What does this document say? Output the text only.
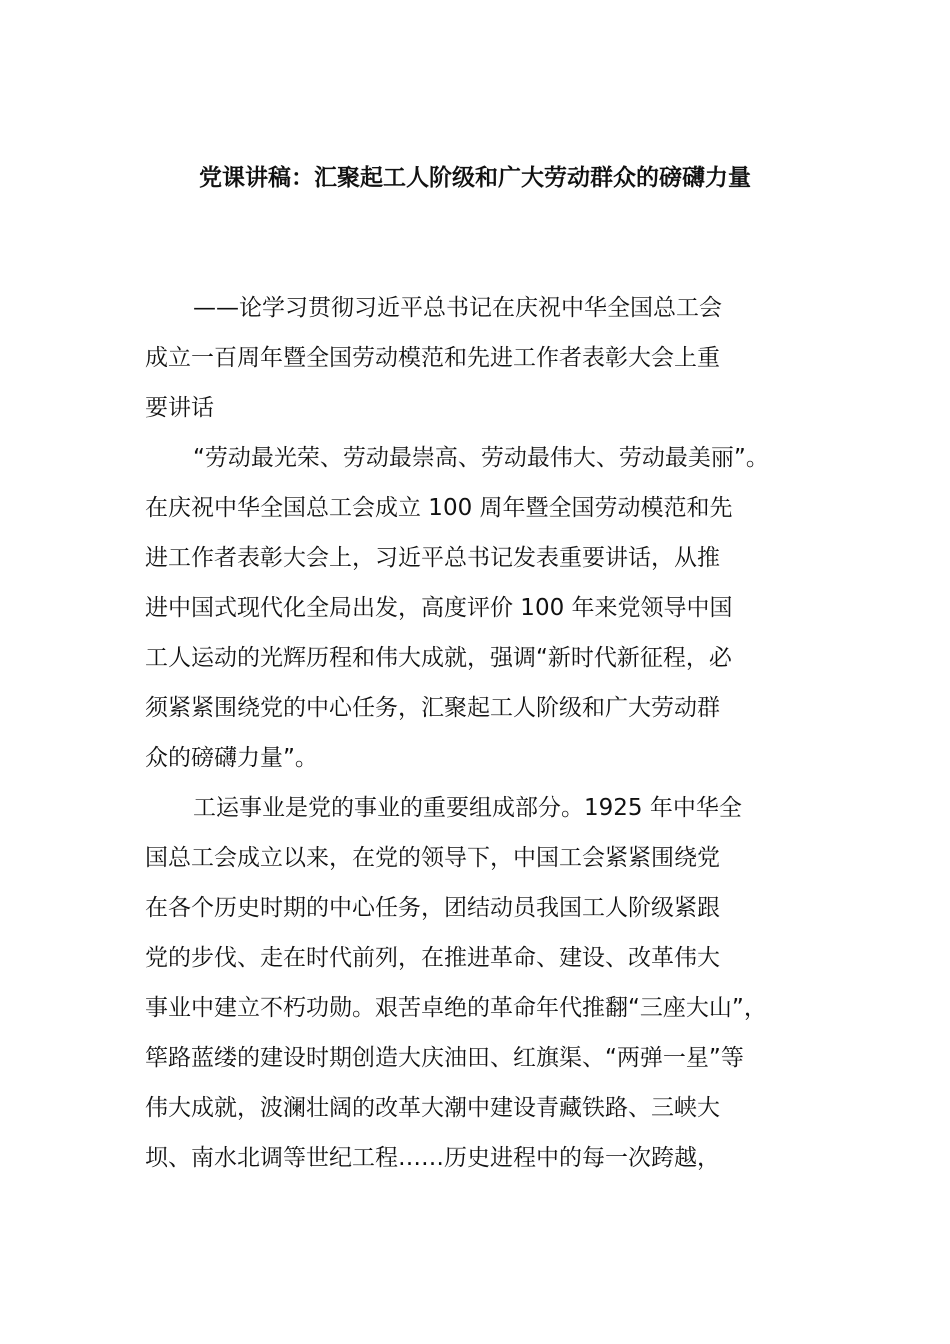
党课讲稿：汇聚起工人阶级和广大劳动群众的磅礴力量

——论学习贯彻习近平总书记在庆祝中华全国总工会
成立一百周年暨全国劳动模范和先进工作者表彰大会上重
要讲话

“劳动最光荣、劳动最崇高、劳动最伟大、劳动最美丽”。
在庆祝中华全国总工会成立 100 周年暨全国劳动模范和先
进工作者表彰大会上，习近平总书记发表重要讲话，从推
进中国式现代化全局出发，高度评价 100 年来党领导中国
工人运动的光辉历程和伟大成就，强调“新时代新征程，必
须紧紧围绕党的中心任务，汇聚起工人阶级和广大劳动群
众的磅礴力量”。

工运事业是党的事业的重要组成部分。1925 年中华全
国总工会成立以来，在党的领导下，中国工会紧紧围绕党
在各个历史时期的中心任务，团结动员我国工人阶级紧跟
党的步伐、走在时代前列，在推进革命、建设、改革伟大
事业中建立不朽功勋。艰苦卓绝的革命年代推翻“三座大山”，
筚路蓝缕的建设时期创造大庆油田、红旗渠、“两弹一星”等
伟大成就，波澜壮阔的改革大潮中建设青藏铁路、三峡大
坝、南水北调等世纪工程……历史进程中的每一次跨越，
